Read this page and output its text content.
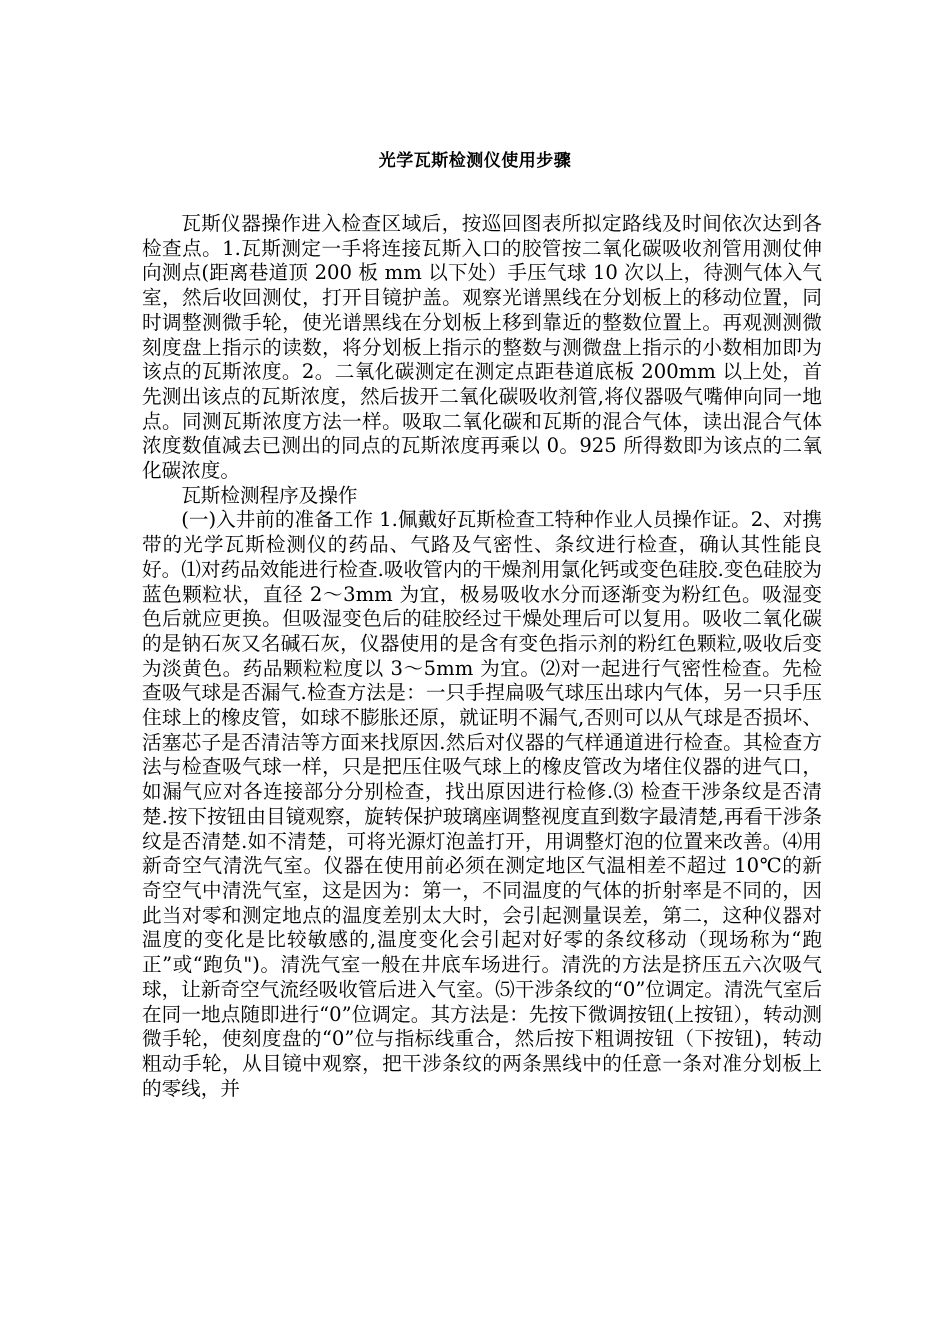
光学瓦斯检测仪使用步骤

瓦斯仪器操作进入检查区域后，按巡回图表所拟定路线及时间依次达到各检查点。1.瓦斯测定一手将连接瓦斯入口的胶管按二氧化碳吸收剂管用测仗伸向测点(距离巷道顶 200 板 mm 以下处）手压气球 10 次以上，待测气体入气室，然后收回测仗，打开目镜护盖。观察光谱黑线在分划板上的移动位置，同时调整测微手轮，使光谱黑线在分划板上移到靠近的整数位置上。再观测测微刻度盘上指示的读数，将分划板上指示的整数与测微盘上指示的小数相加即为该点的瓦斯浓度。2。二氧化碳测定在测定点距巷道底板 200mm 以上处，首先测出该点的瓦斯浓度，然后拔开二氧化碳吸收剂管,将仪器吸气嘴伸向同一地点。同测瓦斯浓度方法一样。吸取二氧化碳和瓦斯的混合气体，读出混合气体浓度数值减去已测出的同点的瓦斯浓度再乘以 0。925 所得数即为该点的二氧化碳浓度。

瓦斯检测程序及操作

(一)入井前的准备工作 1.佩戴好瓦斯检查工特种作业人员操作证。2、对携带的光学瓦斯检测仪的药品、气路及气密性、条纹进行检查，确认其性能良好。⑴对药品效能进行检查.吸收管内的干燥剂用氯化钙或变色硅胶.变色硅胶为蓝色颗粒状，直径 2～3mm 为宜，极易吸收水分而逐渐变为粉红色。吸湿变色后就应更换。但吸湿变色后的硅胶经过干燥处理后可以复用。吸收二氧化碳的是钠石灰又名碱石灰，仪器使用的是含有变色指示剂的粉红色颗粒,吸收后变为淡黄色。药品颗粒粒度以 3～5mm 为宜。⑵对一起进行气密性检查。先检查吸气球是否漏气.检查方法是：一只手捏扁吸气球压出球内气体，另一只手压住球上的橡皮管，如球不膨胀还原，就证明不漏气,否则可以从气球是否损坏、活塞芯子是否清洁等方面来找原因.然后对仪器的气样通道进行检查。其检查方法与检查吸气球一样，只是把压住吸气球上的橡皮管改为堵住仪器的进气口，如漏气应对各连接部分分别检查，找出原因进行检修.⑶ 检查干涉条纹是否清楚.按下按钮由目镜观察，旋转保护玻璃座调整视度直到数字最清楚,再看干涉条纹是否清楚.如不清楚，可将光源灯泡盖打开，用调整灯泡的位置来改善。⑷用新奇空气清洗气室。仪器在使用前必须在测定地区气温相差不超过 10℃的新奇空气中清洗气室，这是因为：第一，不同温度的气体的折射率是不同的，因此当对零和测定地点的温度差别太大时，会引起测量误差，第二，这种仪器对温度的变化是比较敏感的,温度变化会引起对好零的条纹移动（现场称为“跑正”或“跑负")。清洗气室一般在井底车场进行。清洗的方法是挤压五六次吸气球，让新奇空气流经吸收管后进入气室。⑸干涉条纹的“0”位调定。清洗气室后在同一地点随即进行“0”位调定。其方法是：先按下微调按钮(上按钮），转动测微手轮，使刻度盘的“0”位与指标线重合，然后按下粗调按钮（下按钮)，转动粗动手轮，从目镜中观察，把干涉条纹的两条黑线中的任意一条对准分划板上的零线，并
